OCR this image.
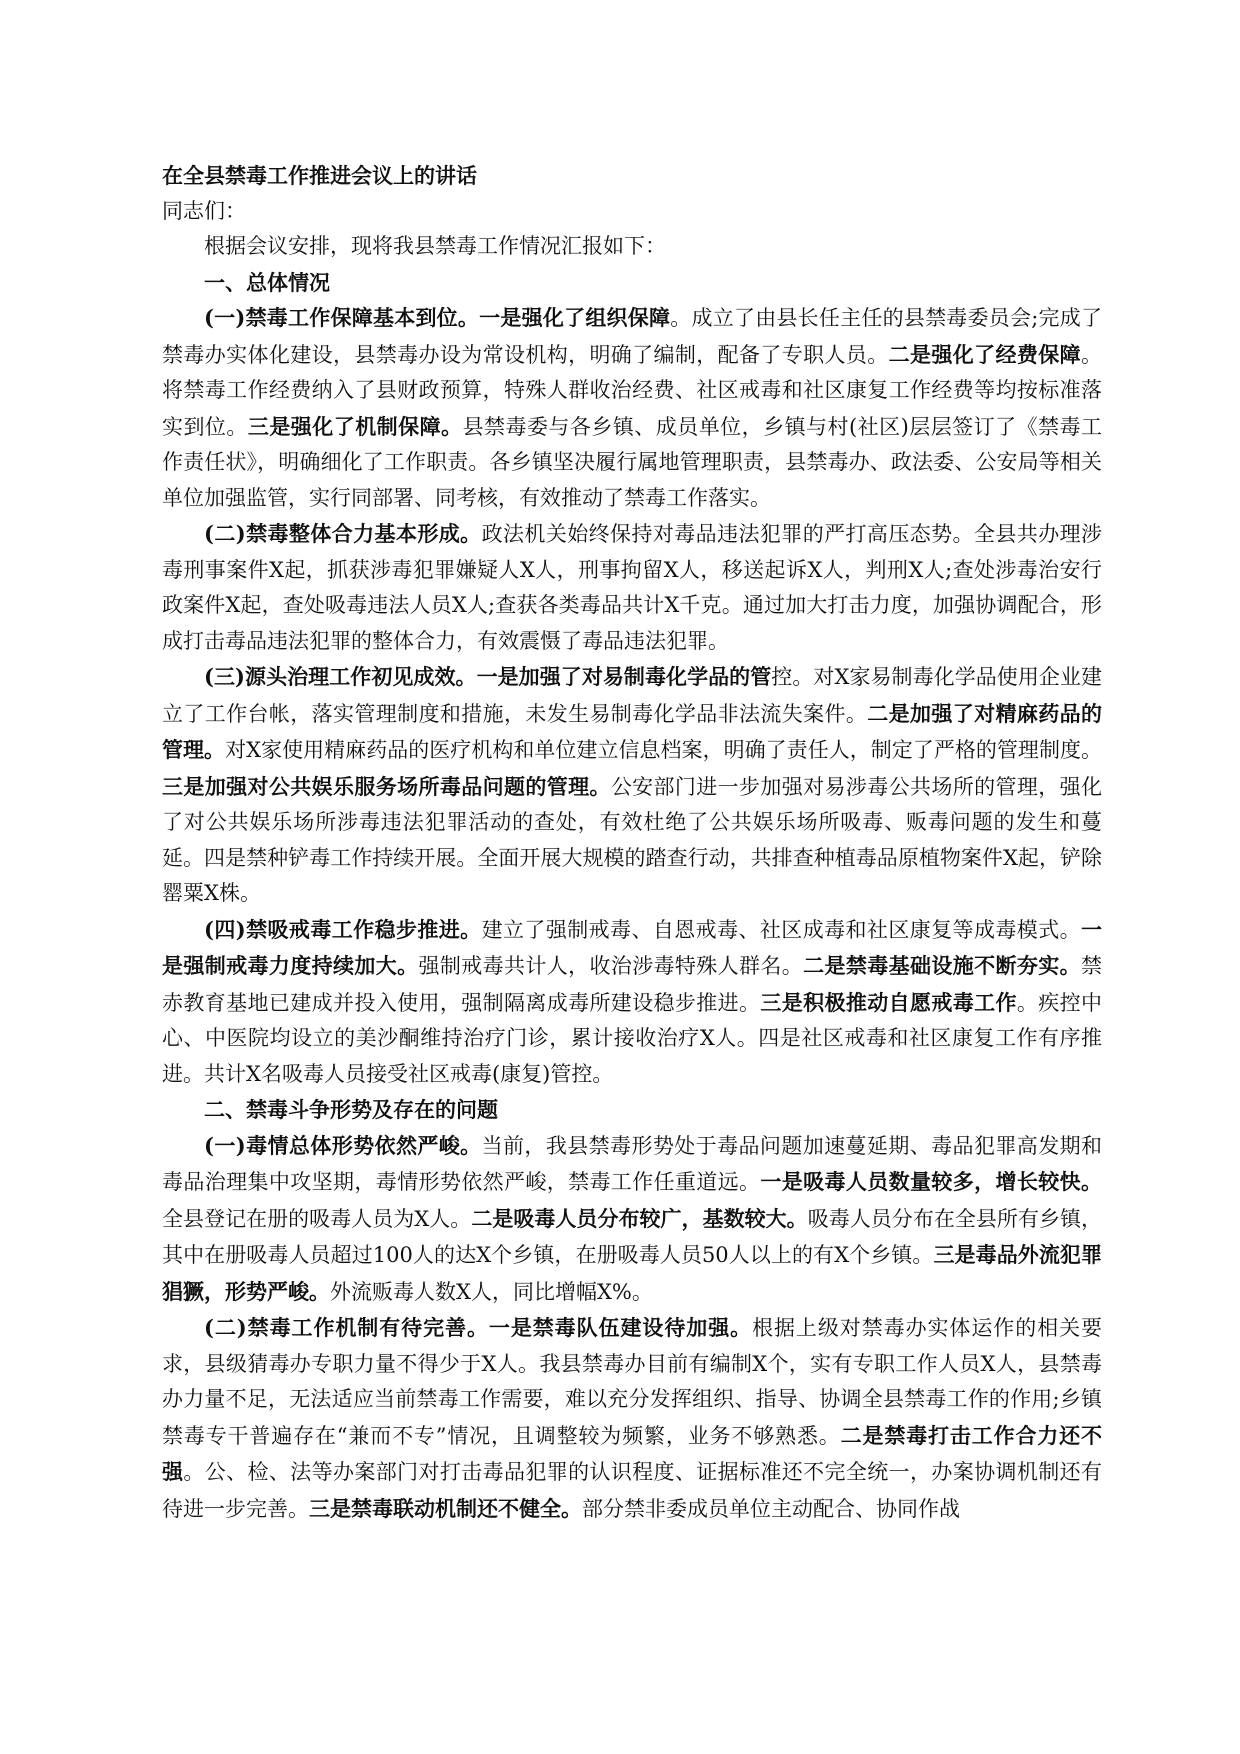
在全县禁毒工作推进会议上的讲话

同志们：

根据会议安排，现将我县禁毒工作情况汇报如下：

一、总体情况

(一)禁毒工作保障基本到位。一是强化了组织保障。成立了由县长任主任的县禁毒委员会;完成了禁毒办实体化建设，县禁毒办设为常设机构，明确了编制，配备了专职人员。二是强化了经费保障。将禁毒工作经费纳入了县财政预算，特殊人群收治经费、社区戒毒和社区康复工作经费等均按标准落实到位。三是强化了机制保障。县禁毒委与各乡镇、成员单位，乡镇与村(社区)层层签订了《禁毒工作责任状》，明确细化了工作职责。各乡镇坚决履行属地管理职责，县禁毒办、政法委、公安局等相关单位加强监管，实行同部署、同考核，有效推动了禁毒工作落实。

(二)禁毒整体合力基本形成。政法机关始终保持对毒品违法犯罪的严打高压态势。全县共办理涉毒刑事案件X起，抓获涉毒犯罪嫌疑人X人，刑事拘留X人，移送起诉X人，判刑X人;查处涉毒治安行政案件X起，查处吸毒违法人员X人;查获各类毒品共计X千克。通过加大打击力度，加强协调配合，形成打击毒品违法犯罪的整体合力，有效震慑了毒品违法犯罪。

(三)源头治理工作初见成效。一是加强了对易制毒化学品的管控。对X家易制毒化学品使用企业建立了工作台帐，落实管理制度和措施，未发生易制毒化学品非法流失案件。二是加强了对精麻药品的管理。对X家使用精麻药品的医疗机构和单位建立信息档案，明确了责任人，制定了严格的管理制度。三是加强对公共娱乐服务场所毒品问题的管理。公安部门进一步加强对易涉毒公共场所的管理，强化了对公共娱乐场所涉毒违法犯罪活动的查处，有效杜绝了公共娱乐场所吸毒、贩毒问题的发生和蔓延。四是禁种铲毒工作持续开展。全面开展大规模的踏查行动，共排查种植毒品原植物案件X起，铲除罂粟X株。

(四)禁吸戒毒工作稳步推进。建立了强制戒毒、自恩戒毒、社区成毒和社区康复等成毒模式。一是强制戒毒力度持续加大。强制戒毒共计人，收治涉毒特殊人群名。二是禁毒基础设施不断夯实。禁赤教育基地已建成并投入使用，强制隔离成毒所建设稳步推进。三是积极推动自愿戒毒工作。疾控中心、中医院均设立的美沙酮维持治疗门诊，累计接收治疗X人。四是社区戒毒和社区康复工作有序推进。共计X名吸毒人员接受社区戒毒(康复)管控。

二、禁毒斗争形势及存在的问题

(一)毒情总体形势依然严峻。当前，我县禁毒形势处于毒品问题加速蔓延期、毒品犯罪高发期和毒品治理集中攻坚期，毒情形势依然严峻，禁毒工作任重道远。一是吸毒人员数量较多，增长较快。全县登记在册的吸毒人员为X人。二是吸毒人员分布较广，基数较大。吸毒人员分布在全县所有乡镇，其中在册吸毒人员超过100人的达X个乡镇，在册吸毒人员50人以上的有X个乡镇。三是毒品外流犯罪猖獗，形势严峻。外流贩毒人数X人，同比增幅X%。

(二)禁毒工作机制有待完善。一是禁毒队伍建设待加强。根据上级对禁毒办实体运作的相关要求，县级猜毒办专职力量不得少于X人。我县禁毒办目前有编制X个，实有专职工作人员X人，县禁毒办力量不足，无法适应当前禁毒工作需要，难以充分发挥组织、指导、协调全县禁毒工作的作用;乡镇禁毒专干普遍存在“兼而不专”情况，且调整较为频繁，业务不够熟悉。二是禁毒打击工作合力还不强。公、检、法等办案部门对打击毒品犯罪的认识程度、证据标准还不完全统一，办案协调机制还有待进一步完善。三是禁毒联动机制还不健全。部分禁非委成员单位主动配合、协同作战
